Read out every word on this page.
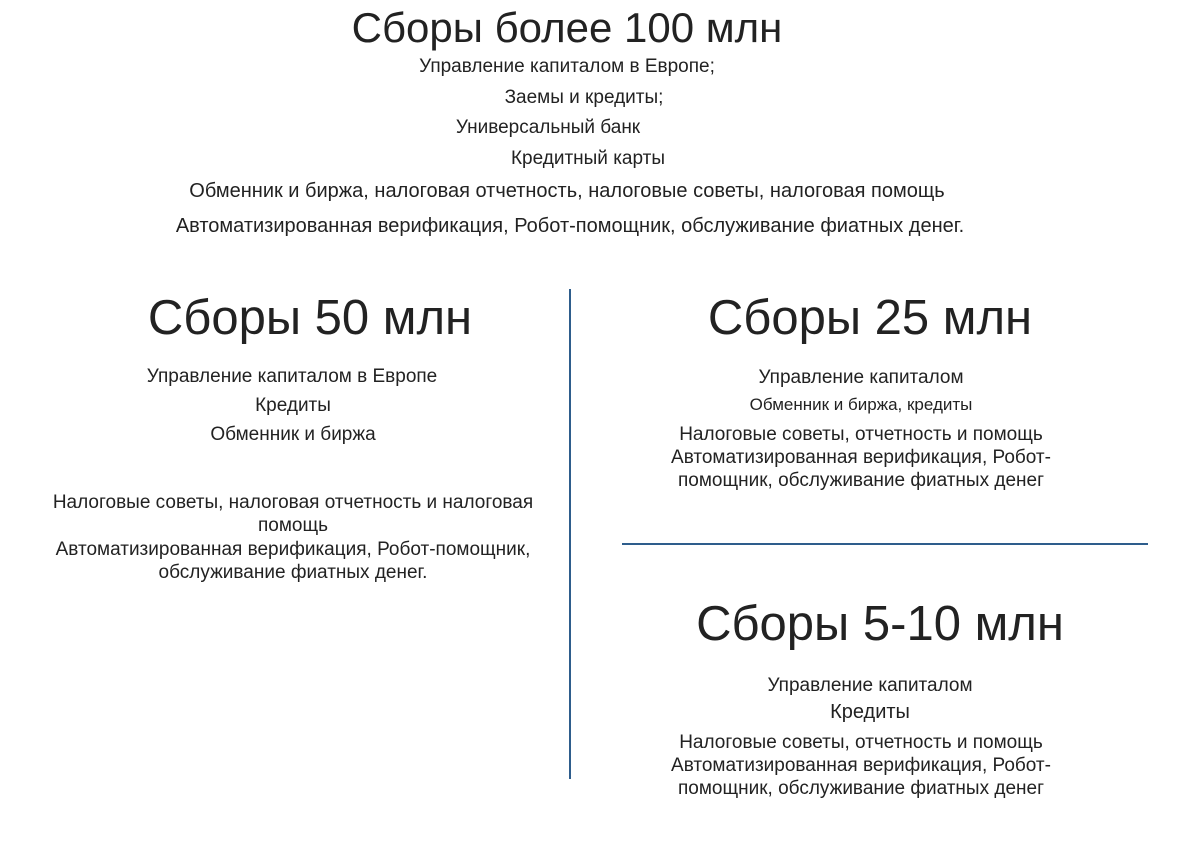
Сборы более 100 млн
Управление капиталом в Европе;
Заемы и кредиты;
Универсальный банк
Кредитный карты
Обменник и биржа, налоговая отчетность, налоговые советы, налоговая помощь
Автоматизированная верификация, Робот-помощник, обслуживание фиатных денег.
Сборы 50 млн
Управление капиталом в Европе
Кредиты
Обменник и биржа
Налоговые советы, налоговая отчетность и налоговая
помощь
Автоматизированная верификация, Робот-помощник,
обслуживание фиатных денег.
Сборы 25 млн
Управление капиталом
Обменник и биржа, кредиты
Налоговые советы, отчетность и помощь
Автоматизированная верификация, Робот-
помощник, обслуживание фиатных денег
Сборы 5-10 млн
Управление капиталом
Кредиты
Налоговые советы, отчетность и помощь
Автоматизированная верификация, Робот-
помощник, обслуживание фиатных денег
